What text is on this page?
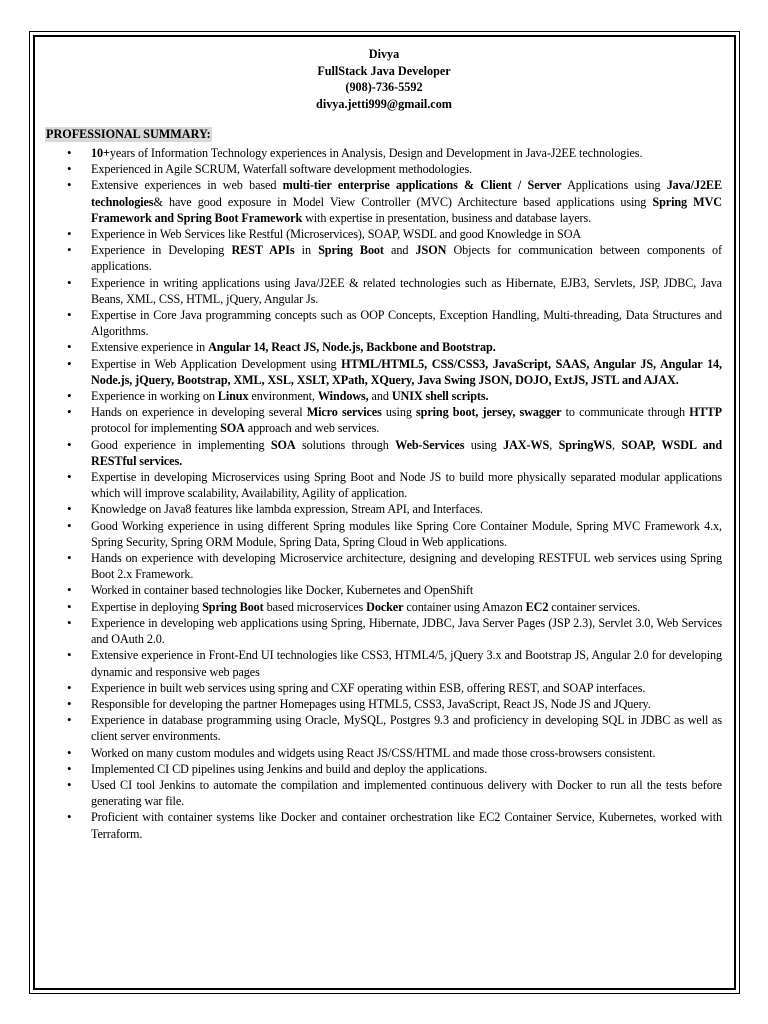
Divya
FullStack Java Developer
(908)-736-5592
divya.jetti999@gmail.com
PROFESSIONAL SUMMARY:
• 10+years of Information Technology experiences in Analysis, Design and Development in Java-J2EE technologies.
• Experienced in Agile SCRUM, Waterfall software development methodologies.
• Extensive experiences in web based multi-tier enterprise applications & Client / Server Applications using Java/J2EE technologies& have good exposure in Model View Controller (MVC) Architecture based applications using Spring MVC Framework and Spring Boot Framework with expertise in presentation, business and database layers.
• Experience in Web Services like Restful (Microservices), SOAP, WSDL and good Knowledge in SOA
• Experience in Developing REST APIs in Spring Boot and JSON Objects for communication between components of applications.
• Experience in writing applications using Java/J2EE & related technologies such as Hibernate, EJB3, Servlets, JSP, JDBC, Java Beans, XML, CSS, HTML, jQuery, Angular Js.
• Expertise in Core Java programming concepts such as OOP Concepts, Exception Handling, Multi-threading, Data Structures and Algorithms.
• Extensive experience in Angular 14, React JS, Node.js, Backbone and Bootstrap.
• Expertise in Web Application Development using HTML/HTML5, CSS/CSS3, JavaScript, SAAS, Angular JS, Angular 14, Node.js, jQuery, Bootstrap, XML, XSL, XSLT, XPath, XQuery, Java Swing JSON, DOJO, ExtJS, JSTL and AJAX.
• Experience in working on Linux environment, Windows, and UNIX shell scripts.
• Hands on experience in developing several Micro services using spring boot, jersey, swagger to communicate through HTTP protocol for implementing SOA approach and web services.
• Good experience in implementing SOA solutions through Web-Services using JAX-WS, SpringWS, SOAP, WSDL and RESTful services.
• Expertise in developing Microservices using Spring Boot and Node JS to build more physically separated modular applications which will improve scalability, Availability, Agility of application.
• Knowledge on Java8 features like lambda expression, Stream API, and Interfaces.
• Good Working experience in using different Spring modules like Spring Core Container Module, Spring MVC Framework 4.x, Spring Security, Spring ORM Module, Spring Data, Spring Cloud in Web applications.
• Hands on experience with developing Microservice architecture, designing and developing RESTFUL web services using Spring Boot 2.x Framework.
• Worked in container based technologies like Docker, Kubernetes and OpenShift
• Expertise in deploying Spring Boot based microservices Docker container using Amazon EC2 container services.
• Experience in developing web applications using Spring, Hibernate, JDBC, Java Server Pages (JSP 2.3), Servlet 3.0, Web Services and OAuth 2.0.
• Extensive experience in Front-End UI technologies like CSS3, HTML4/5, jQuery 3.x and Bootstrap JS, Angular 2.0 for developing dynamic and responsive web pages
• Experience in built web services using spring and CXF operating within ESB, offering REST, and SOAP interfaces.
• Responsible for developing the partner Homepages using HTML5, CSS3, JavaScript, React JS, Node JS and JQuery.
• Experience in database programming using Oracle, MySQL, Postgres 9.3 and proficiency in developing SQL in JDBC as well as client server environments.
• Worked on many custom modules and widgets using React JS/CSS/HTML and made those cross-browsers consistent.
• Implemented CI CD pipelines using Jenkins and build and deploy the applications.
• Used CI tool Jenkins to automate the compilation and implemented continuous delivery with Docker to run all the tests before generating war file.
• Proficient with container systems like Docker and container orchestration like EC2 Container Service, Kubernetes, worked with Terraform.
